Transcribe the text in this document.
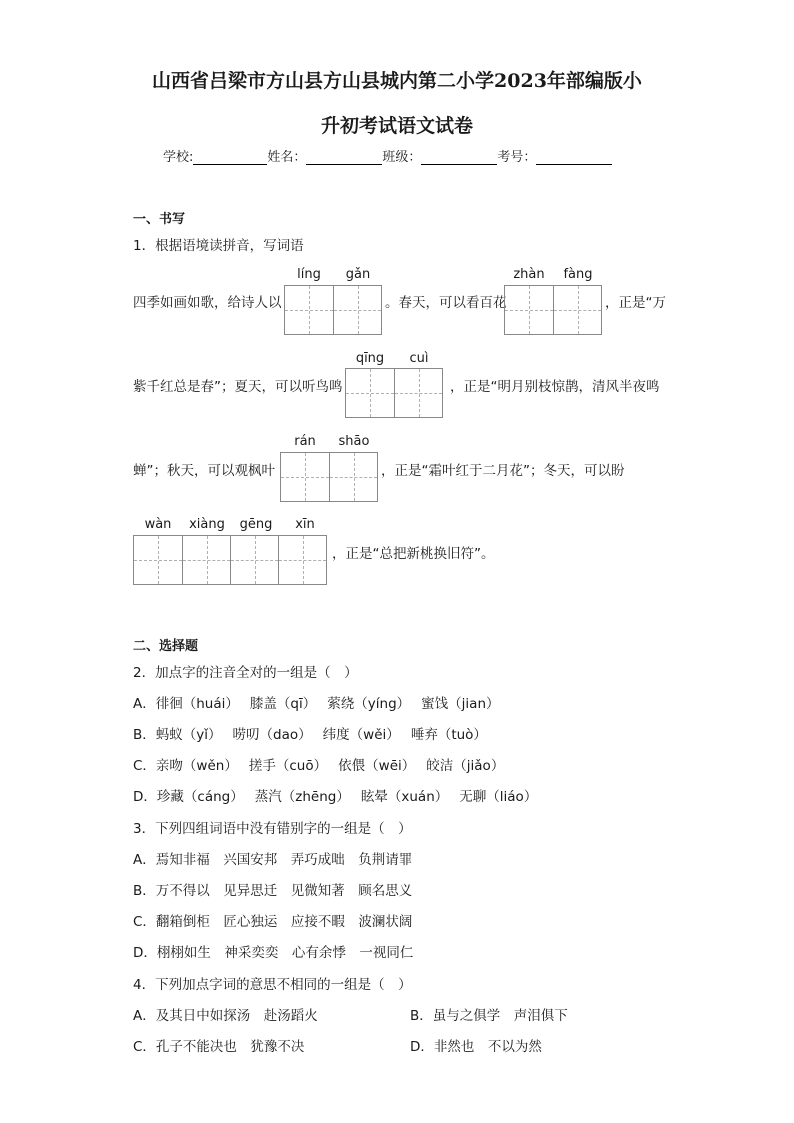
山西省吕梁市方山县方山县城内第二小学2023年部编版小
升初考试语文试卷
学校:	姓名：	班级：	考号：
一、书写
1．根据语境读拼音，写词语
líng	gǎn	zhàn	fàng
四季如画如歌，给诗人以	。春天，可以看百花	，正是“万
qīng	cuì
紫千红总是春”；夏天，可以听鸟鸣	，正是“明月别枝惊鹊，清风半夜鸣
rán	shāo
蝉”；秋天，可以观枫叶	，正是“霜叶红于二月花”；冬天，可以盼
wàn	xiàng	gēng	xīn
，正是“总把新桃换旧符”。
二、选择题
2．加点字的注音全对的一组是（　）
A．徘徊（huái）　 膝盖（qī）　 萦绕（yíng）　 蜜饯（jian）
B．蚂蚁（yǐ）　 唠叨（dao）　 纬度（wěi）　 唾弃（tuò）
C．亲吻（wěn）　 搓手（cuō）　 依偎（wēi）　 皎洁（jiǎo）
D．珍藏（cáng）　 蒸汽（zhēng）　 眩晕（xuán）　 无聊（liáo）
3．下列四组词语中没有错别字的一组是（　）
A．焉知非福　兴国安邦　弄巧成咄　负荆请罪
B．万不得以　见异思迁　见微知著　顾名思义
C．翻箱倒柜　匠心独运　应接不暇　波澜状阔
D．栩栩如生　神采奕奕　心有余悸　一视同仁
4．下列加点字词的意思不相同的一组是（　）
A．及其日中如探汤　赴汤蹈火	B．虽与之俱学　声泪俱下
C．孔子不能决也　犹豫不决	D．非然也　不以为然
